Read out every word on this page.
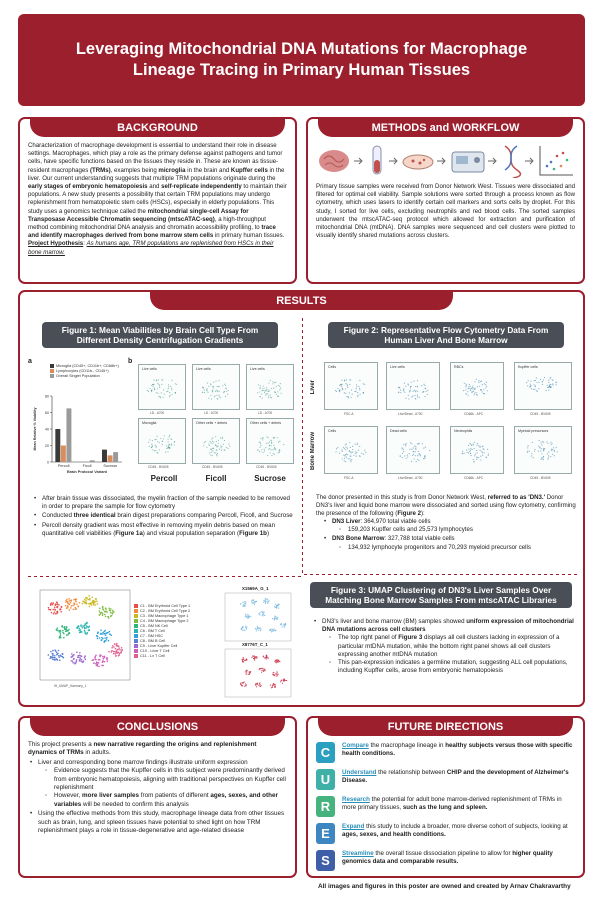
Leveraging Mitochondrial DNA Mutations for Macrophage Lineage Tracing in Primary Human Tissues
BACKGROUND
Characterization of macrophage development is essential to understand their role in disease settings. Macrophages, which play a role as the primary defense against pathogens and tumor cells, have specific functions based on the tissues they reside in. These are known as tissue-resident macrophages (TRMs), examples being microglia in the brain and Kupffer cells in the liver. Our current understanding suggests that multiple TRM populations originate during the early stages of embryonic hematopoiesis and self-replicate independently to maintain their populations. A new study presents a possibility that certain TRM populations may undergo replenishment from hematopoietic stem cells (HSCs), especially in elderly populations. This study uses a genomics technique called the mitochondrial single-cell Assay for Transposase Accessible Chromatin sequencing (mtscATAC-seq), a high-throughput method combining mitochondrial DNA analysis and chromatin accessibility profiling, to trace and identify macrophages derived from bone marrow stem cells in primary human tissues. Project Hypothesis: As humans age, TRM populations are replenished from HSCs in their bone marrow.
METHODS and WORKFLOW
Primary tissue samples were received from Donor Network West. Tissues were dissociated and filtered for optimal cell viability. Sample solutions were sorted through a process known as flow cytometry, which uses lasers to identify certain cell markers and sorts cells by droplet. For this study, I sorted for live cells, excluding neutrophils and red blood cells. The sorted samples underwent the mtscATAC-seq protocol which allowed for extraction and purification of mitochondrial DNA (mtDNA). DNA samples were sequenced and cell clusters were plotted to visually identify shared mutations across clusters.
RESULTS
Figure 1: Mean Viabilities by Brain Cell Type From Different Density Centrifugation Gradients
a
Microglia (CD45+, CD11b+, CD68b+)
Lymphocytes (CD11b-, CD45+)
Overall Singlet Population
0
20
40
60
80
Percoll	Ficoll	Sucrose
Brain Protocol Variant
Mean Relative % Viability
b
Live cells	Live cells	Live cells
Microglia	Other cells + debris	Other cells + debris
LD - A700	LD - A700	LD - A700
CD45 - BV605	CD45 - BV605	CD45 - BV605
Percoll	Ficoll	Sucrose
• After brain tissue was dissociated, the myelin fraction of the sample needed to be removed in order to prepare the sample for flow cytometry
• Conducted three identical brain digest preparations comparing Percoll, Ficoll, and Sucrose
• Percoll density gradient was most effective in removing myelin debris based on mean quantitative cell viabilities (Figure 1a) and visual population separation (Figure 1b)
Figure 2: Representative Flow Cytometry Data From Human Liver And Bone Marrow
Liver
Bone Marrow
Cells	Live cells	RBCs	Kupffer cells
Cells	Dead cells	Neutrophils	Myeloid precursors
FSC-A	Live/Dead - A700	CD66b - APC	CD45 - BV605
FSC-A	Live/Dead - A700	CD66b - APC	CD45 - BV605
The donor presented in this study is from Donor Network West, referred to as 'DN3.' Donor DN3's liver and liquid bone marrow were dissociated and sorted using flow cytometry, confirming the presence of the following (Figure 2):
• DN3 Liver: 364,970 total viable cells
◦ 159,203 Kupffer cells and 25,573 lymphocytes
• DN3 Bone Marrow: 327,788 total viable cells
◦ 134,932 lymphocyte progenitors and 70,293 myeloid precursor cells
IH_UMAP_Harmony_1
C1 - BM Erythroid Cell Type 1
C2 - BM Erythroid Cell Type 2
C3 - BM Macrophage Type 1
C4 - BM Macrophage Type 2
C5 - BM NK Cell
C6 - BM T Cell
C7 - BM HSC
C8 - BM B Cell
C9 - Liver Kupffer Cell
C10 - Liver T Cell
C11 - Lv T Cell
X1569A_G_1
X8776T_C_1
Figure 3: UMAP Clustering of DN3's Liver Samples Over Matching Bone Marrow Samples From mtscATAC Libraries
• DN3's liver and bone marrow (BM) samples showed uniform expression of mitochondrial DNA mutations across cell clusters
◦ The top right panel of Figure 3 displays all cell clusters lacking in expression of a particular mtDNA mutation, while the bottom right panel shows all cell clusters expressing another mtDNA mutation
◦ This pan-expression indicates a germline mutation, suggesting ALL cell populations, including Kupffer cells, arose from embryonic hematopoiesis
CONCLUSIONS
This project presents a new narrative regarding the origins and replenishment dynamics of TRMs in adults.
• Liver and corresponding bone marrow findings illustrate uniform expression
◦ Evidence suggests that the Kupffer cells in this subject were predominantly derived from embryonic hematopoiesis, aligning with traditional perspectives on Kupffer cell replenishment
◦ However, more liver samples from patients of different ages, sexes, and other variables will be needed to confirm this analysis
• Using the effective methods from this study, macrophage lineage data from other tissues such as brain, lung, and spleen tissues have potential to shed light on how TRM replenishment plays a role in tissue-degenerative and age-related disease
FUTURE DIRECTIONS
C	Compare the macrophage lineage in healthy subjects versus those with specific health conditions.
U	Understand the relationship between CHIP and the development of Alzheimer's Disease.
R	Research the potential for adult bone marrow-derived replenishment of TRMs in more primary tissues, such as the lung and spleen.
E	Expand this study to include a broader, more diverse cohort of subjects, looking at ages, sexes, and health conditions.
S	Streamline the overall tissue dissociation pipeline to allow for higher quality genomics data and comparable results.
All images and figures in this poster are owned and created by Arnav Chakravarthy
